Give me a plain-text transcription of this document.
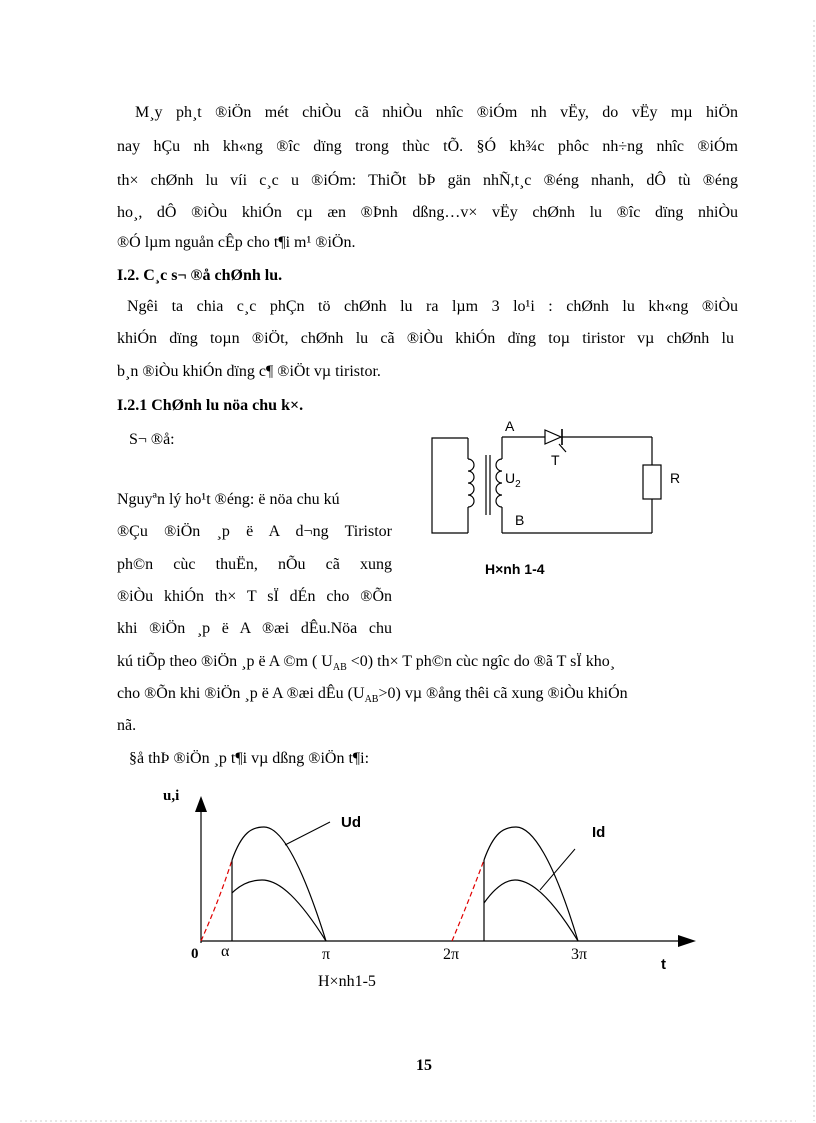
M¸y ph¸t ®iÖn mét chiÒu cã nhiÒu nhîc ®iÓm nh vËy, do vËy mµ hiÖn
nay hÇu nh kh«ng ®îc dïng trong thùc tÕ. §Ó kh¾c phôc nh÷ng nhîc ®iÓm
th× chØnh lu víi c¸c u ®iÓm: ThiÕt bÞ gän nhÑ,t¸c ®éng nhanh, dÔ tù ®éng
ho¸, dÔ ®iÒu khiÓn cµ æn ®Þnh dßng…v× vËy chØnh lu ®îc dïng nhiÒu
®Ó lµm nguån cÊp cho t¶i m¹ ®iÖn.
I.2. C¸c s¬ ®å chØnh lu.
Ngêi ta chia c¸c phÇn tö chØnh lu ra lµm 3 lo¹i : chØnh lu kh«ng ®iÒu
khiÓn dïng toµn ®iÖt, chØnh lu cã ®iÒu khiÓn dïng toµ tiristor vµ chØnh lu
b¸n ®iÒu khiÓn dïng c¶ ®iÖt vµ tiristor.
I.2.1 ChØnh lu nöa chu k×.
S¬ ®å:
Nguyªn lý ho¹t ®éng: ë nöa chu kú
®Çu ®iÖn ¸p ë A d¬ng Tiristor
ph©n cùc thuËn, nÕu cã xung
®iÒu khiÓn th× T sÏ dÉn cho ®Õn
khi ®iÖn ¸p ë A ®æi dÊu.Nöa chu
kú tiÕp theo ®iÖn ¸p ë A ©m ( $U_{AB} <0$) th× T ph©n cùc ngîc do ®ã T sÏ kho¸
cho ®Õn khi ®iÖn ¸p ë A ®æi dÊu $(U_{AB}>0)$ vµ ®ång thêi cã xung ®iÒu khiÓn
nã.
§å thÞ ®iÖn ¸p t¶i vµ dßng ®iÖn t¶i:
A
T
$U_2$	R
B
H×nh 1-4
u,i
Ud
Id
0 α	π	2π	3π
t
H×nh1-5
15
